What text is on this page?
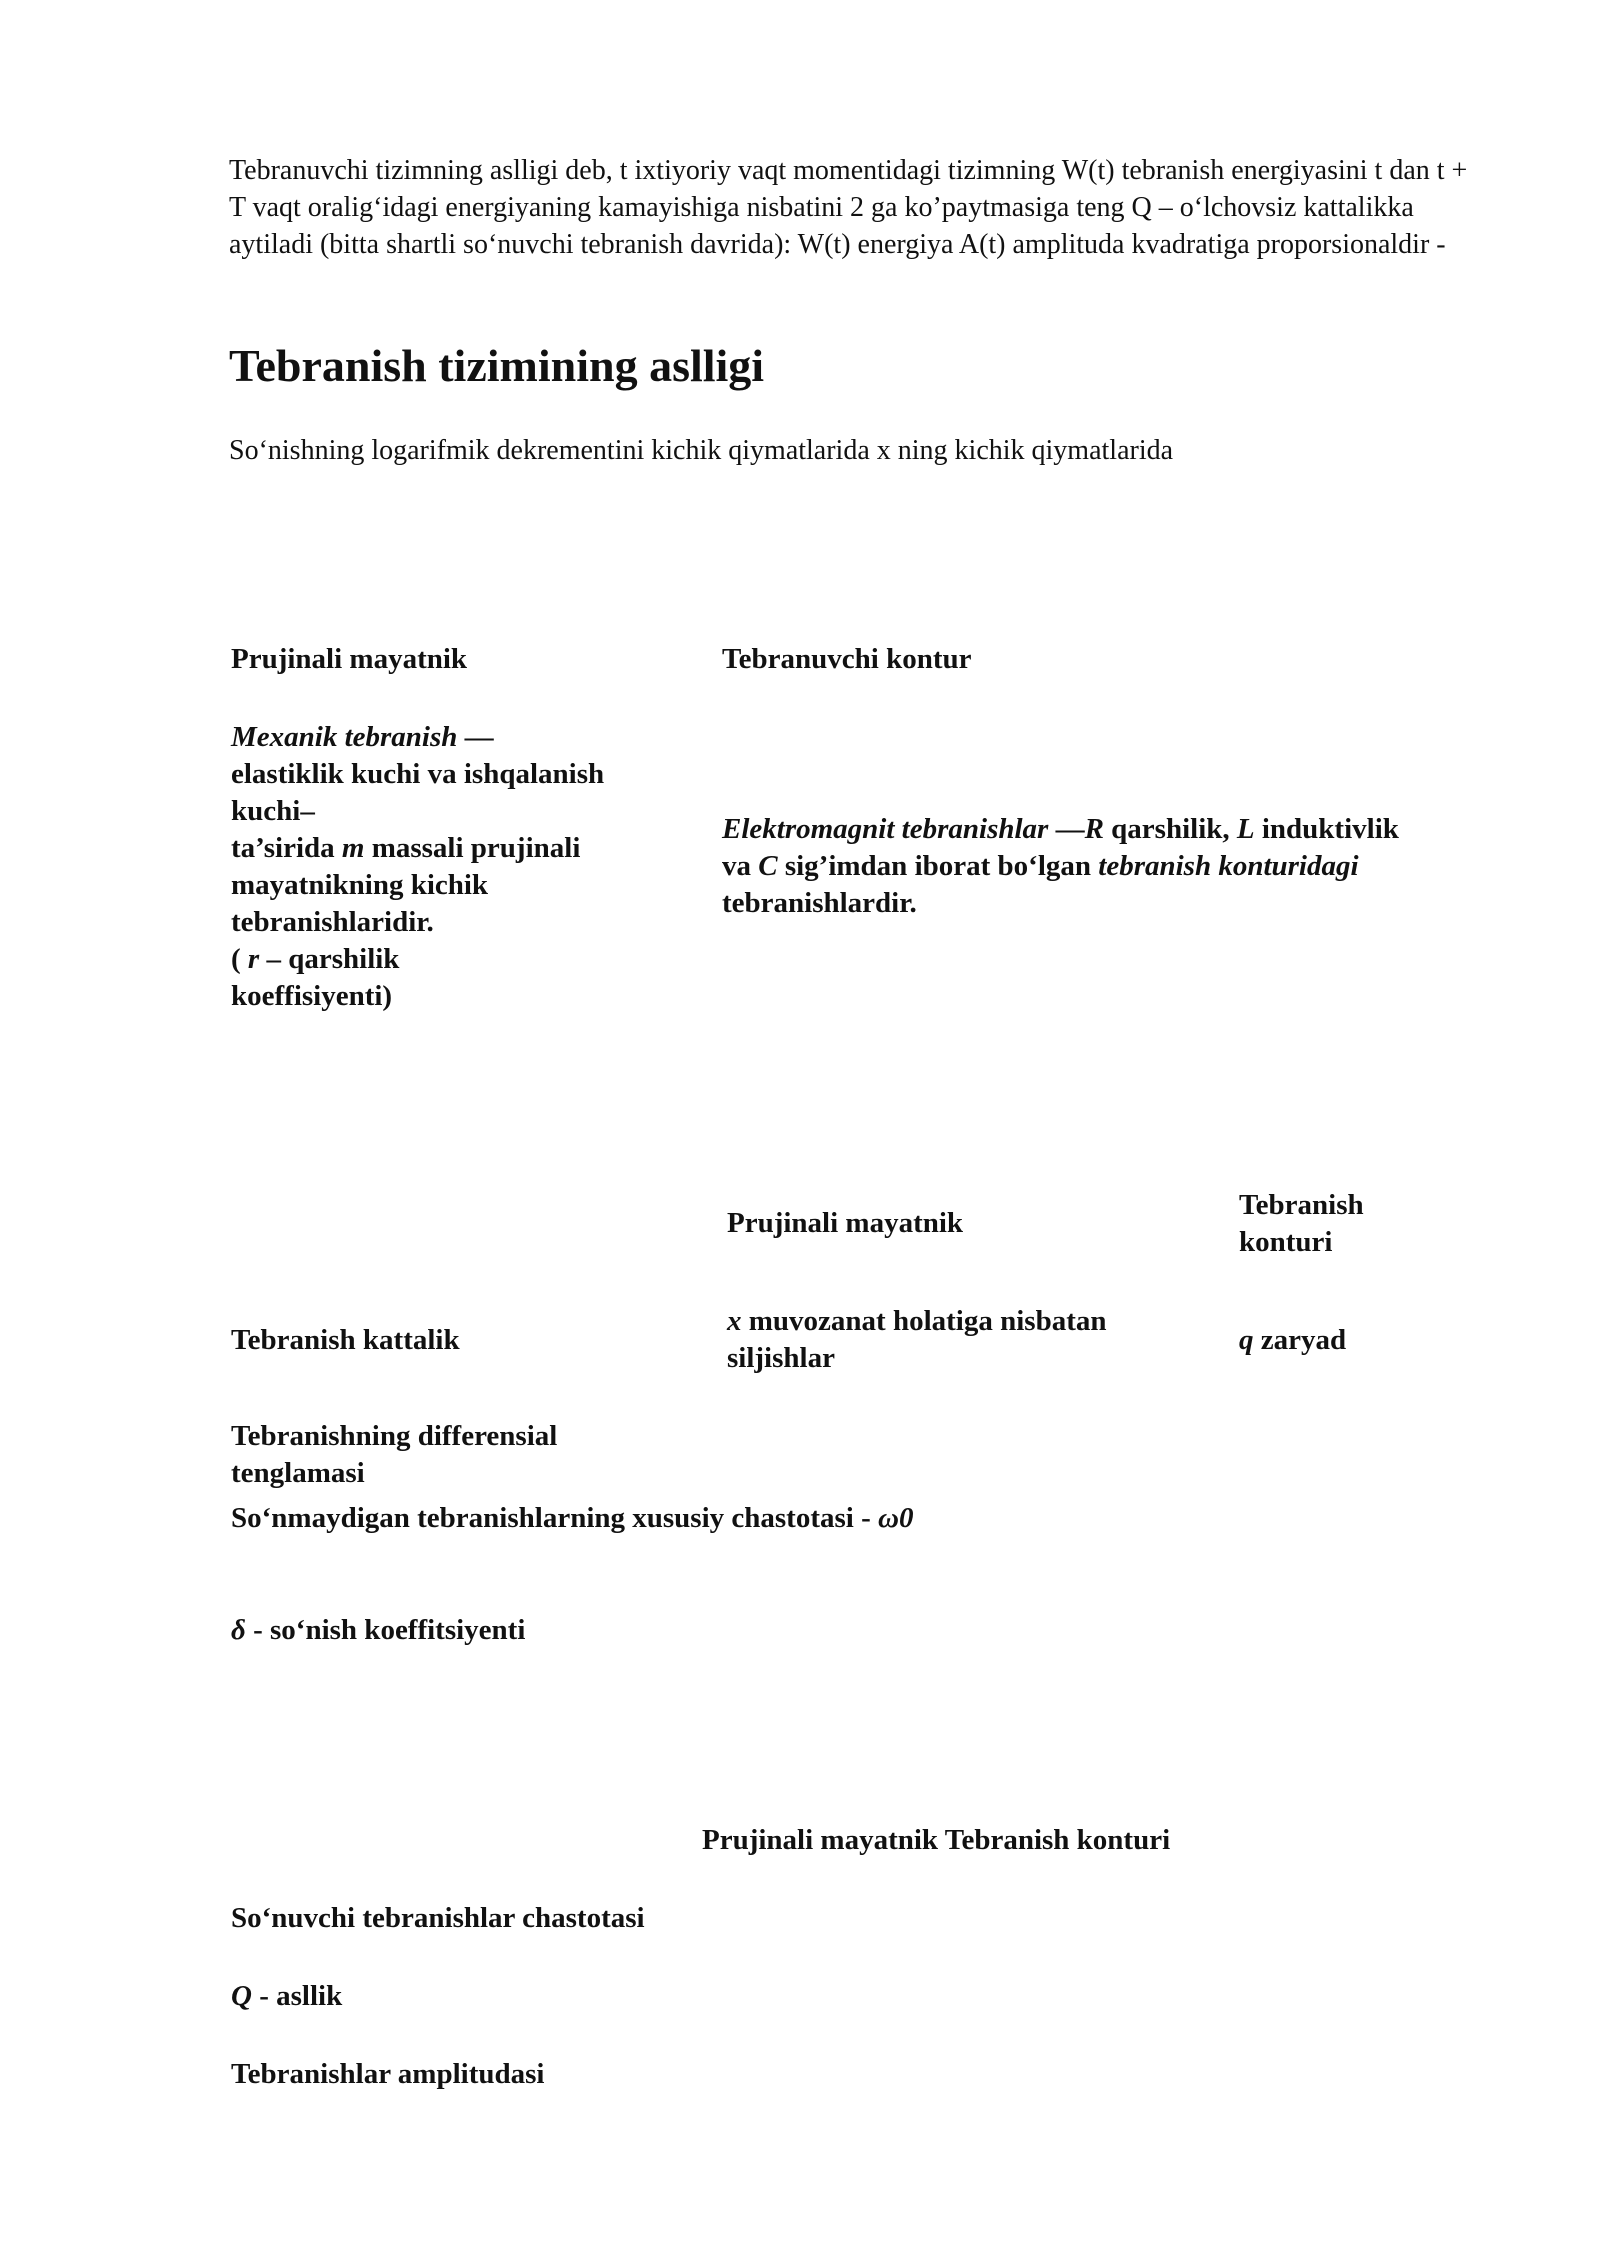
Tebranuvchi tizimning aslligi deb, t ixtiyoriy vaqt momentidagi tizimning W(t) tebranish energiyasini t dan t + T vaqt oralig‘idagi energiyaning kamayishiga nisbatini 2 ga ko’paytmasiga teng Q – o‘lchovsiz kattalikka aytiladi (bitta shartli so‘nuvchi tebranish davrida): W(t) energiya A(t) amplituda kvadratiga proporsionaldir -

Tebranish tizimining aslligi

So‘nishning logarifmik dekrementini kichik qiymatlarida x ning kichik qiymatlarida

Prujinali mayatnik	Tebranuvchi kontur
Mexanik tebranish —
elastiklik kuchi va ishqalanish
kuchi–
ta’sirida m massali prujinali
mayatnikning kichik
tebranishlaridir.
( r – qarshilik
koeffisiyenti)
Elektromagnit tebranishlar —R qarshilik, L induktivlik
va C sig’imdan iborat bo‘lgan tebranish konturidagi
tebranishlardir.
Prujinali mayatnik
Tebranish
konturi
Tebranish kattalik
x muvozanat holatiga nisbatan
siljishlar
q zaryad
Tebranishning differensial
tenglamasi
So‘nmaydigan tebranishlarning xususiy chastotasi - ω0
δ - so‘nish koeffitsiyenti
Prujinali mayatnik Tebranish konturi
So‘nuvchi tebranishlar chastotasi
Q - asllik
Tebranishlar amplitudasi
